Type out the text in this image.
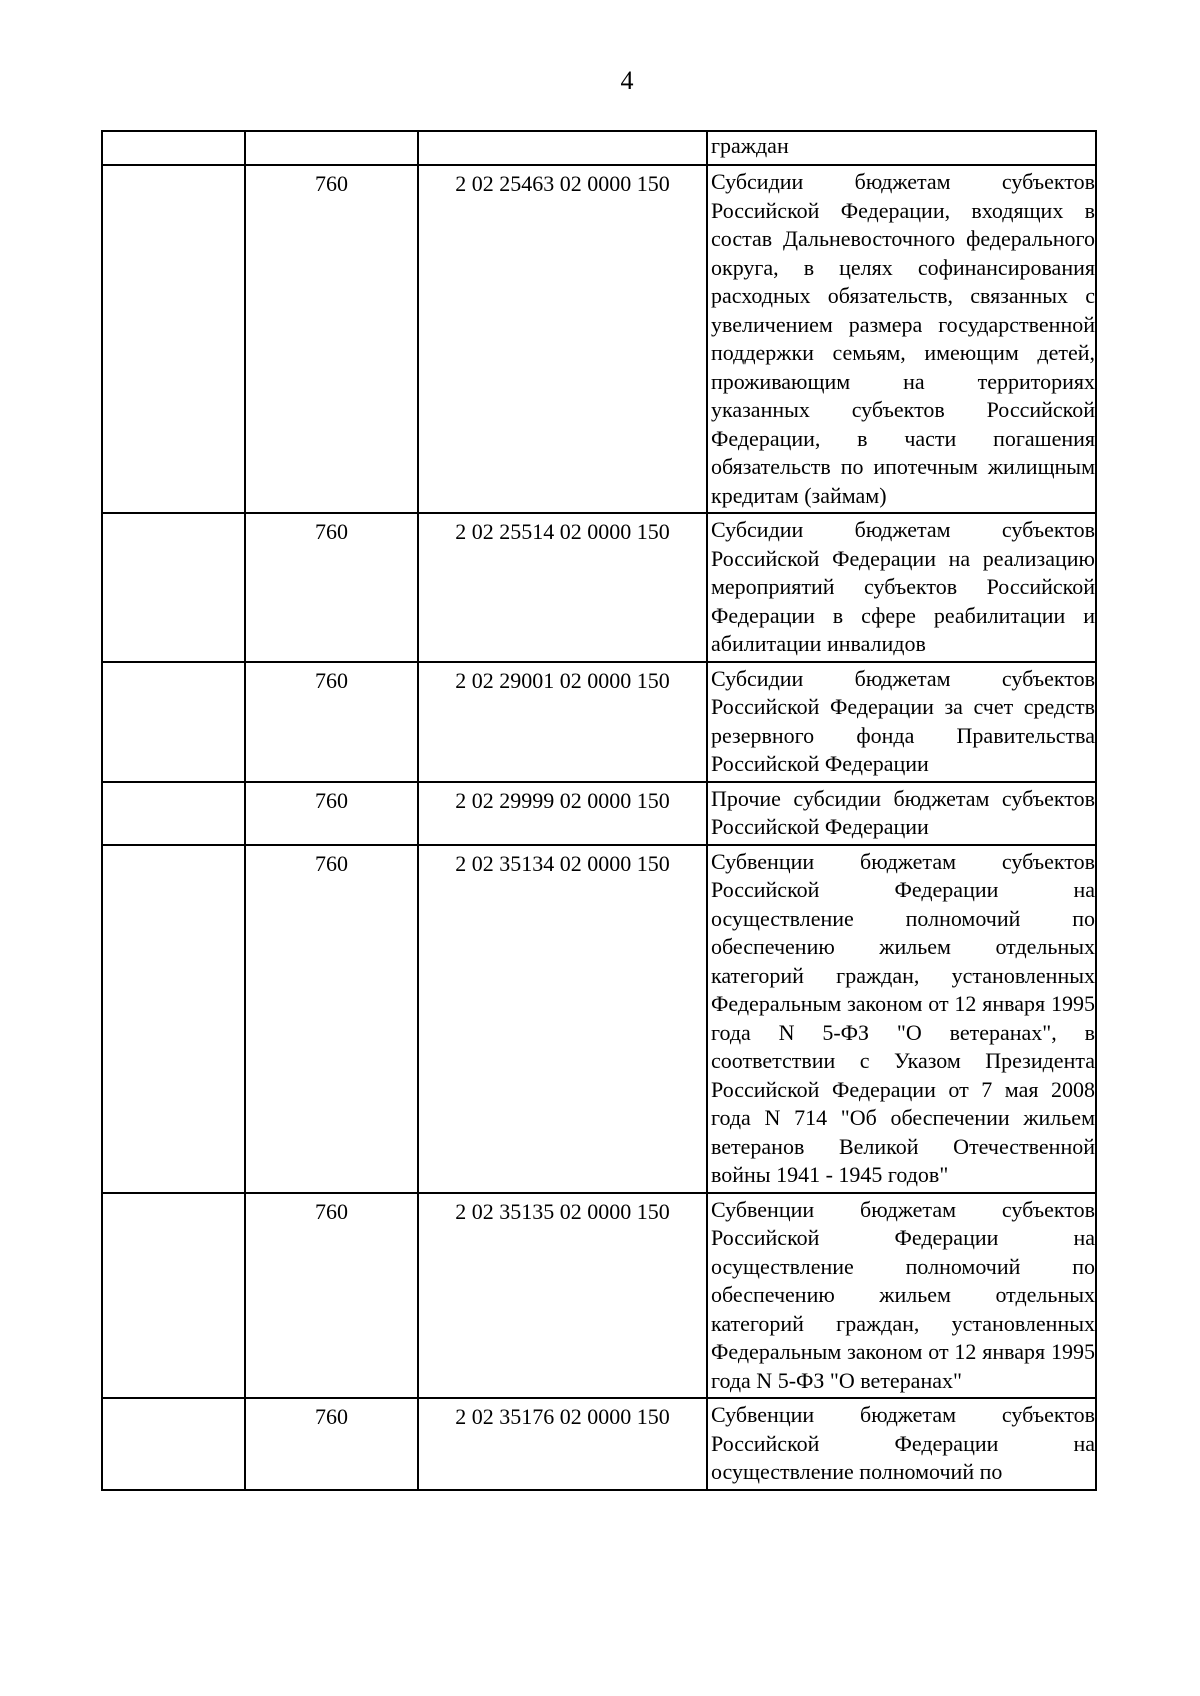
4
			граждан
	760	2 02 25463 02 0000 150	Субсидии бюджетам субъектов Российской Федерации, входящих в состав Дальневосточного федерального округа, в целях софинансирования расходных обязательств, связанных с увеличением размера государственной поддержки семьям, имеющим детей, проживающим на территориях указанных субъектов Российской Федерации, в части погашения обязательств по ипотечным жилищным кредитам (займам)
	760	2 02 25514 02 0000 150	Субсидии бюджетам субъектов Российской Федерации на реализацию мероприятий субъектов Российской Федерации в сфере реабилитации и абилитации инвалидов
	760	2 02 29001 02 0000 150	Субсидии бюджетам субъектов Российской Федерации за счет средств резервного фонда Правительства Российской Федерации
	760	2 02 29999 02 0000 150	Прочие субсидии бюджетам субъектов Российской Федерации
	760	2 02 35134 02 0000 150	Субвенции бюджетам субъектов Российской Федерации на осуществление полномочий по обеспечению жильем отдельных категорий граждан, установленных Федеральным законом от 12 января 1995 года N 5-ФЗ "О ветеранах", в соответствии с Указом Президента Российской Федерации от 7 мая 2008 года N 714 "Об обеспечении жильем ветеранов Великой Отечественной войны 1941 - 1945 годов"
	760	2 02 35135 02 0000 150	Субвенции бюджетам субъектов Российской Федерации на осуществление полномочий по обеспечению жильем отдельных категорий граждан, установленных Федеральным законом от 12 января 1995 года N 5-ФЗ "О ветеранах"
	760	2 02 35176 02 0000 150	Субвенции бюджетам субъектов Российской Федерации на осуществление полномочий по
